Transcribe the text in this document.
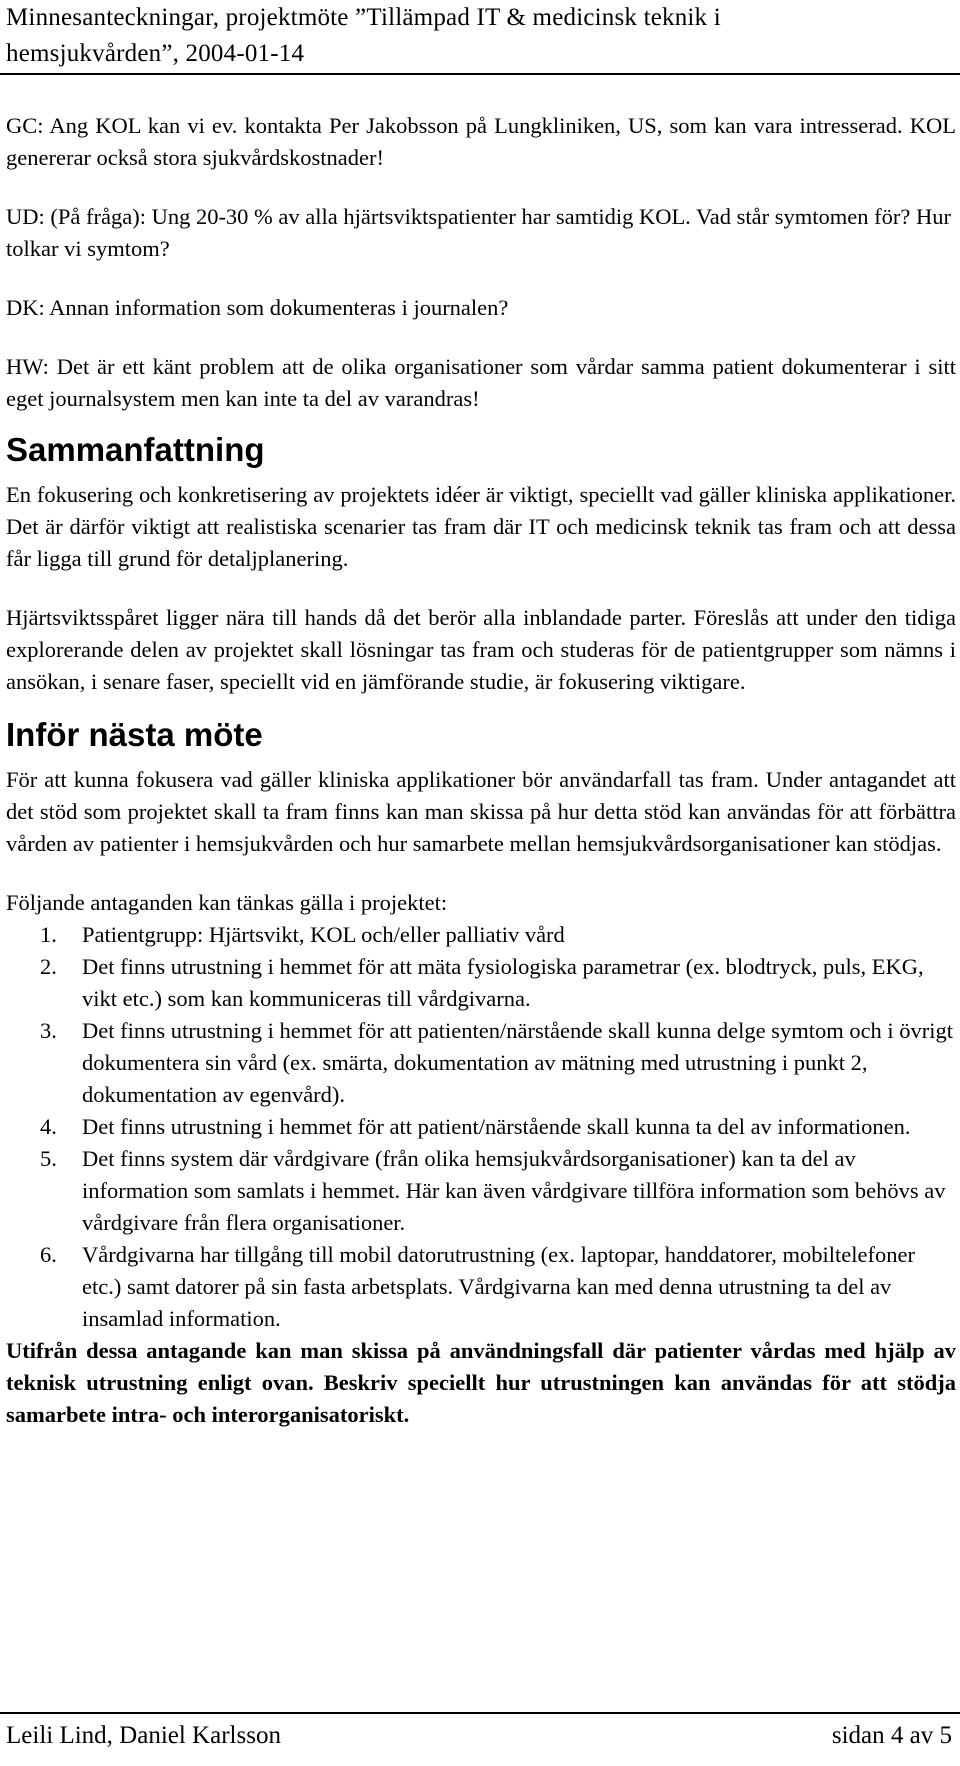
Minnesanteckningar, projektmöte ”Tillämpad IT & medicinsk teknik i
hemsjukvården”, 2004-01-14

GC: Ang KOL kan vi ev. kontakta Per Jakobsson på Lungkliniken, US, som kan vara intresserad. KOL genererar också stora sjukvårdskostnader!

UD: (På fråga): Ung 20-30 % av alla hjärtsviktspatienter har samtidig KOL. Vad står symtomen för? Hur tolkar vi symtom?

DK: Annan information som dokumenteras i journalen?

HW: Det är ett känt problem att de olika organisationer som vårdar samma patient dokumenterar i sitt eget journalsystem men kan inte ta del av varandras!

Sammanfattning

En fokusering och konkretisering av projektets idéer är viktigt, speciellt vad gäller kliniska applikationer. Det är därför viktigt att realistiska scenarier tas fram där IT och medicinsk teknik tas fram och att dessa får ligga till grund för detaljplanering.

Hjärtsviktsspåret ligger nära till hands då det berör alla inblandade parter. Föreslås att under den tidiga explorerande delen av projektet skall lösningar tas fram och studeras för de patientgrupper som nämns i ansökan, i senare faser, speciellt vid en jämförande studie, är fokusering viktigare.

Inför nästa möte

För att kunna fokusera vad gäller kliniska applikationer bör användarfall tas fram. Under antagandet att det stöd som projektet skall ta fram finns kan man skissa på hur detta stöd kan användas för att förbättra vården av patienter i hemsjukvården och hur samarbete mellan hemsjukvårdsorganisationer kan stödjas.

Följande antaganden kan tänkas gälla i projektet:

1.	Patientgrupp: Hjärtsvikt, KOL och/eller palliativ vård
2.	Det finns utrustning i hemmet för att mäta fysiologiska parametrar (ex. blodtryck, puls, EKG, vikt etc.) som kan kommuniceras till vårdgivarna.
3.	Det finns utrustning i hemmet för att patienten/närstående skall kunna delge symtom och i övrigt dokumentera sin vård (ex. smärta, dokumentation av mätning med utrustning i punkt 2, dokumentation av egenvård).
4.	Det finns utrustning i hemmet för att patient/närstående skall kunna ta del av informationen.
5.	Det finns system där vårdgivare (från olika hemsjukvårdsorganisationer) kan ta del av information som samlats i hemmet. Här kan även vårdgivare tillföra information som behövs av vårdgivare från flera organisationer.
6.	Vårdgivarna har tillgång till mobil datorutrustning (ex. laptopar, handdatorer, mobiltelefoner etc.) samt datorer på sin fasta arbetsplats. Vårdgivarna kan med denna utrustning ta del av insamlad information.

Utifrån dessa antagande kan man skissa på användningsfall där patienter vårdas med hjälp av teknisk utrustning enligt ovan. Beskriv speciellt hur utrustningen kan användas för att stödja samarbete intra- och interorganisatoriskt.

Leili Lind, Daniel Karlsson	sidan 4 av 5
